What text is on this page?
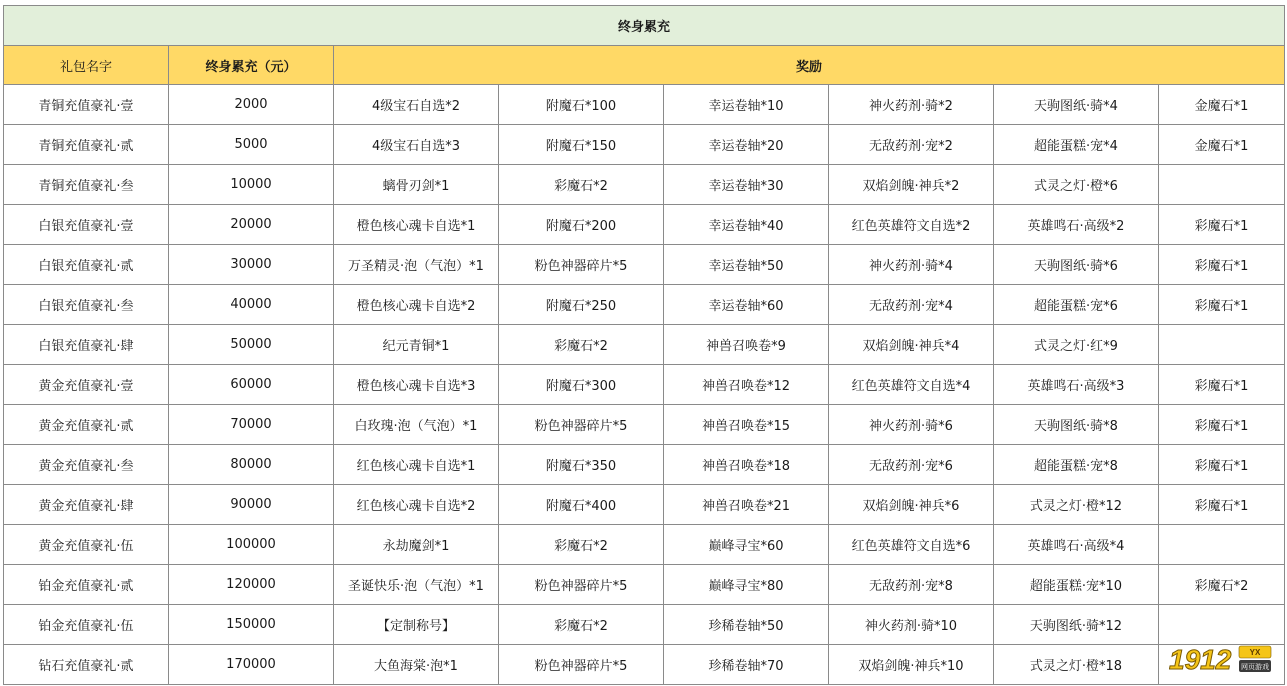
终身累充							
礼包名字	终身累充（元）	奖励					
青铜充值豪礼·壹	2000	4级宝石自选*2	附魔石*100	幸运卷轴*10	神火药剂·骑*2	天驹图纸·骑*4	金魔石*1
青铜充值豪礼·贰	5000	4级宝石自选*3	附魔石*150	幸运卷轴*20	无敌药剂·宠*2	超能蛋糕·宠*4	金魔石*1
青铜充值豪礼·叁	10000	螭骨刃剑*1	彩魔石*2	幸运卷轴*30	双焰剑魄·神兵*2	式灵之灯·橙*6	
白银充值豪礼·壹	20000	橙色核心魂卡自选*1	附魔石*200	幸运卷轴*40	红色英雄符文自选*2	英雄鸣石·高级*2	彩魔石*1
白银充值豪礼·贰	30000	万圣精灵·泡（气泡）*1	粉色神器碎片*5	幸运卷轴*50	神火药剂·骑*4	天驹图纸·骑*6	彩魔石*1
白银充值豪礼·叁	40000	橙色核心魂卡自选*2	附魔石*250	幸运卷轴*60	无敌药剂·宠*4	超能蛋糕·宠*6	彩魔石*1
白银充值豪礼·肆	50000	纪元青铜*1	彩魔石*2	神兽召唤卷*9	双焰剑魄·神兵*4	式灵之灯·红*9	
黄金充值豪礼·壹	60000	橙色核心魂卡自选*3	附魔石*300	神兽召唤卷*12	红色英雄符文自选*4	英雄鸣石·高级*3	彩魔石*1
黄金充值豪礼·贰	70000	白玫瑰·泡（气泡）*1	粉色神器碎片*5	神兽召唤卷*15	神火药剂·骑*6	天驹图纸·骑*8	彩魔石*1
黄金充值豪礼·叁	80000	红色核心魂卡自选*1	附魔石*350	神兽召唤卷*18	无敌药剂·宠*6	超能蛋糕·宠*8	彩魔石*1
黄金充值豪礼·肆	90000	红色核心魂卡自选*2	附魔石*400	神兽召唤卷*21	双焰剑魄·神兵*6	式灵之灯·橙*12	彩魔石*1
黄金充值豪礼·伍	100000	永劫魔剑*1	彩魔石*2	巅峰寻宝*60	红色英雄符文自选*6	英雄鸣石·高级*4	
铂金充值豪礼·贰	120000	圣诞快乐·泡（气泡）*1	粉色神器碎片*5	巅峰寻宝*80	无敌药剂·宠*8	超能蛋糕·宠*10	彩魔石*2
铂金充值豪礼·伍	150000	【定制称号】	彩魔石*2	珍稀卷轴*50	神火药剂·骑*10	天驹图纸·骑*12	
钻石充值豪礼·贰	170000	大鱼海棠·泡*1	粉色神器碎片*5	珍稀卷轴*70	双焰剑魄·神兵*10	式灵之灯·橙*18	1912 YX
网页游戏
